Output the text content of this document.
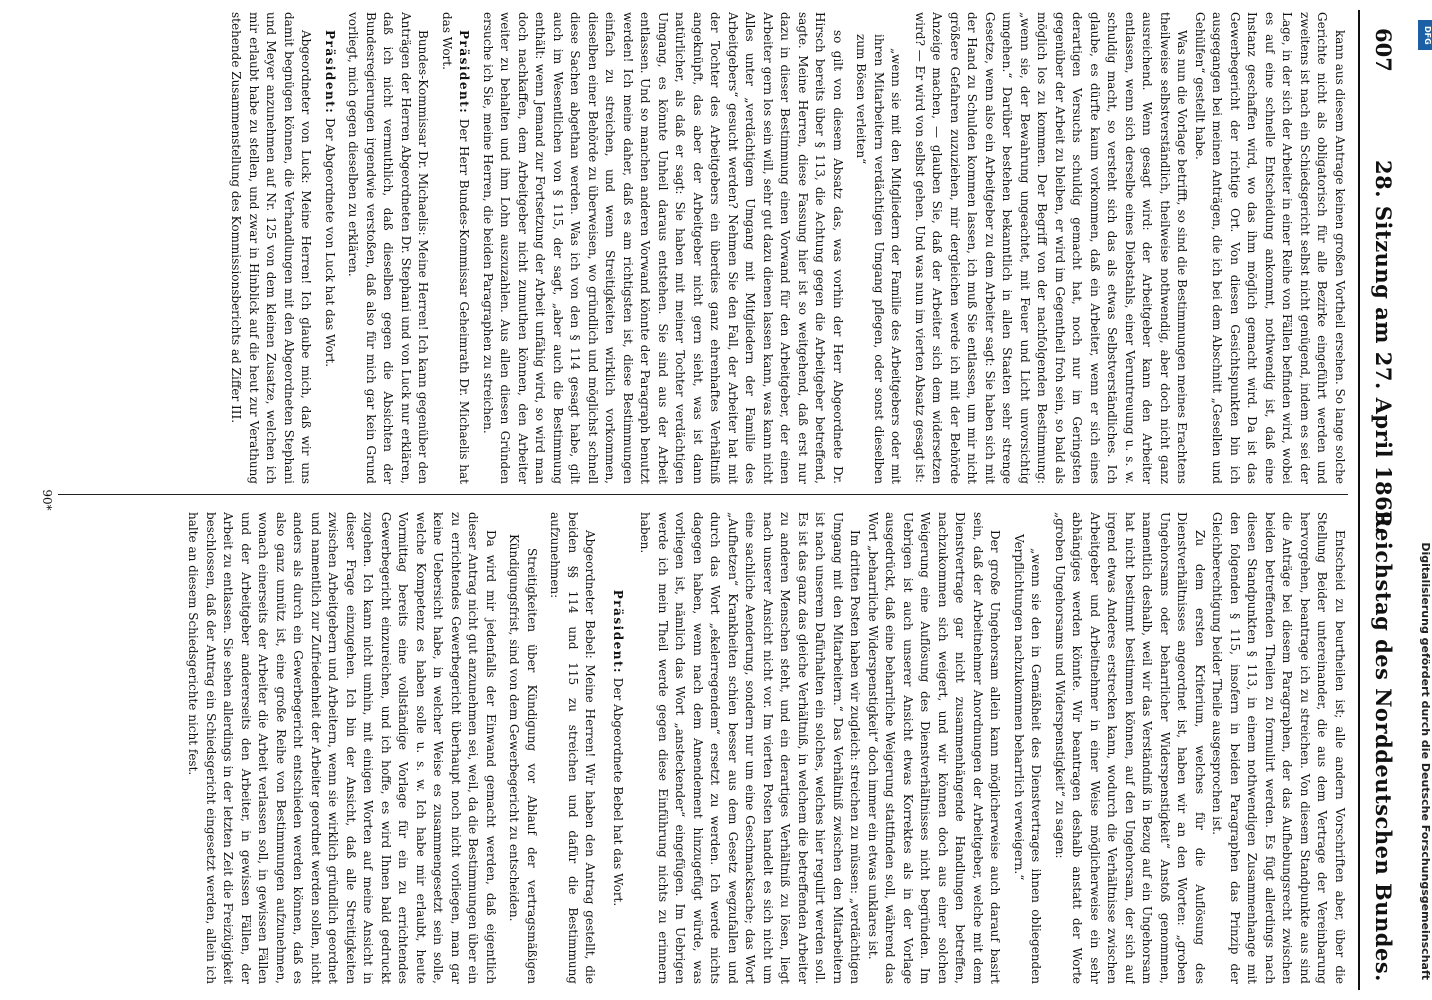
607
28. Sitzung am 27. April 1869.
Reichstag des Norddeutschen Bundes.

kann aus diesem Antrage keinen großen Vortheil ersehen. So lange solche Gerichte nicht als obligatorisch für alle Bezirke eingeführt werden und zweitens ist nach ein Schiedsgericht selbst nicht genügend, indem es sei der Lage, in der sich der Arbeiter in einer Reihe von Fällen befinden wird, wobei es auf eine schnelle Entscheidung ankommt, nothwendig ist, daß eine Instanz geschaffen wird, wo das ihm möglich gemacht wird. Da ist das Gewerbegericht der richtige Ort. Von diesen Gesichtspunkten bin ich ausgegangen bei meinen Anträgen, die ich bei dem Abschnitt „Gesellen und Gehülfen“ gestellt habe.

Was nun die Vorlage betrifft, so sind die Bestimmungen meines Erachtens theilweise selbstverständlich, theilweise nothwendig, aber doch nicht ganz ausreichend. Wenn gesagt wird: der Arbeitgeber kann den Arbeiter entlassen, wenn sich derselbe eines Diebstahls, einer Veruntreuung u. s. w. schuldig macht, so versteht sich das als etwas Selbstverständliches. Ich glaube, es dürfte kaum vorkommen, daß ein Arbeiter, wenn er sich eines derartigen Versuchs schuldig gemacht hat, noch nur im Geringsten gegenüber der Arbeit zu bleiben, er wird im Gegentheil froh sein, so bald als möglich los zu kommen. Der Begriff von der nachfolgenden Bestimmung: „wenn sie, der Bewahrung ungeachtet, mit Feuer und Licht unvorsichtig umgehen.“ Darüber bestehen bekanntlich in allen Staaten sehr strenge Gesetze, wenn also ein Arbeitgeber zu dem Arbeiter sagt: Sie haben sich mit der Hand zu Schulden kommen lassen, ich muß Sie entlassen, um mir nicht größere Gefahren zuzuziehen, mir dergleichen werde ich mit der Behörde Anzeige machen, — glauben Sie, daß der Arbeiter sich dem widersetzen wird? — Er wird von selbst gehen. Und was nun im vierten Absatz gesagt ist:

„wenn sie mit den Mitgliedern der Familie des Arbeitgebers oder mit ihren Mitarbeitern verdächtigen Umgang pflegen, oder sonst dieselben zum Bösen verleiten“

so gilt von diesem Absatz das, was vorhin der Herr Abgeordnete Dr. Hirsch bereits über § 113, die Achtung gegen die Arbeitgeber betreffend, sagte. Meine Herren, diese Fassung hier ist so weitgehend, daß erst nur dazu in dieser Bestimmung einen Vorwand für den Arbeitgeber, der einen Arbeiter gern los sein will, sehr gut dazu dienen lassen kann, was kann nicht Alles unter „verdächtigem Umgang mit Mitgliedern der Familie des Arbeitgebers“ gesucht werden? Nehmen Sie den Fall, der Arbeiter hat mit der Tochter des Arbeitgebers ein überdies ganz ehrenhaftes Verhältniß angeknüpft, das aber der Arbeitgeber nicht gern sieht, was ist dann natürlicher, als daß er sagt: Sie haben mit meiner Tochter verdächtigen Umgang, es könnte Unheil daraus entstehen. Sie sind aus der Arbeit entlassen. Und so manchen anderen Vorwand könnte der Paragraph benutzt werden! Ich meine daher, daß es am richtigsten ist, diese Bestimmungen einfach zu streichen, und wenn Streitigkeiten wirklich vorkommen, dieselben einer Behörde zu überweisen, wo gründlich und möglichst schnell diese Sachen abgethan werden. Was ich von den § 114 gesagt habe, gilt auch im Wesentlichen von § 115, der sagt, „aber auch die Bestimmung enthält: wenn Jemand zur Fortsetzung der Arbeit unfähig wird, so wird man doch nachkaffen, dem Arbeitgeber nicht zumuthen können, den Arbeiter weiter zu behalten und ihm Lohn auszuzahlen. Aus allen diesen Gründen ersuche ich Sie, meine Herren, die beiden Paragraphen zu streichen.

Präsident: Der Herr Bundes-Kommissar Geheimrath Dr. Michaelis hat das Wort.

Bundes-Kommissar Dr. Michaelis: Meine Herren! Ich kann gegenüber den Anträgen der Herren Abgeordneten Dr. Stephani und von Luck nur erklären, daß ich nicht vermuthlich, daß dieselben gegen die Absichten der Bundesregierungen irgendwie verstoßen, daß also für mich gar kein Grund vorliegt, mich gegen dieselben zu erklären.

Präsident: Der Abgeordnete von Luck hat das Wort.

Abgeordneter von Luck: Meine Herren! Ich glaube mich, daß wir uns damit begnügen können, die Verhandlungen mit den Abgeordneten Stephani und Meyer anzunehmen auf Nr. 125 von dem kleinen Zusatze, welchen ich mir erlaubt habe zu stellen, und zwar in Hinblick auf die heut zur Verathung stehende Zusammenstellung des Kommissionsberichts ad Ziffer III.

Entscheid zu beurtheilen ist; alle andern Vorschriften aber, über die Stellung Beider untereinander, die aus dem Vertrage der Vereinbarung hervorgehen, beantrage ich zu streichen. Von diesem Standpunkte aus sind die Anträge bei diesem Paragraphen, der das Aufhebungsrecht zwischen beiden betreffenden Theilen zu formulirt werden. Es fügt allerdings nach diesen Standpunkten § 113, in einem nothwendigen Zusammenhange mit den folgenden § 115, insofern in beiden Paragraphen das Prinzip der Gleichberechtigung beider Theile ausgesprochen ist.

Zu dem ersten Kriterium, welches für die Auflösung des Dienstverhältnisses angeordnet ist, haben wir an den Worten: „groben Ungehorsams oder beharrlicher Widerspenstigkeit“ Anstoß genommen, namentlich deshalb, weil wir das Verständniß in Bezug auf ein Ungehorsam hat nicht bestimmt bestimmen können, auf den Ungehorsam, der sich auf irgend etwas Anderes erstrecken kann, wodurch die Verhältnisse zwischen Arbeitgeber und Arbeitnehmer in einer Weise möglicherweise ein sehr abhängiges werden könnte. Wir beantragen deshalb anstatt der Worte „groben Ungehorsams und Widerspenstigkeit“ zu sagen:

„wenn sie den in Gemäßheit des Dienstvertrages ihnen obliegenden Verpflichtungen nachzukommen beharrlich verweigern.“

Der große Ungehorsam allein kann möglicherweise auch darauf basirt sein, daß der Arbeitnehmer Anordnungen der Arbeitgeber, welche mit dem Dienstvertrage gar nicht zusammenhängende Handlungen betreffen, nachzukommen sich weigert, und wir können doch aus einer solchen Weigerung eine Auflösung des Dienstverhältnisses nicht begründen. Im Uebrigen ist auch unserer Ansicht etwas Korrektes als in der Vorlage ausgedrückt, daß eine beharrliche Weigerung stattfinden soll, während das Wort „beharrliche Widerspenstigkeit“ doch immer ein etwas unklares ist.

Im dritten Posten haben wir zugleich: streichen zu müssen: „verdächtigen Umgang mit den Mitarbeitern.“ Das Verhältniß zwischen den Mitarbeitern ist nach unserem Dafürhalten ein solches, welches hier regulirt werden soll. Es ist das ganz das gleiche Verhältniß, in welchem die betreffenden Arbeiter zu anderen Menschen steht, und ein derartiges Verhältniß zu lösen, liegt nach unserer Ansicht nicht vor. Im vierten Posten handelt es sich nicht um eine sachliche Aenderung, sondern nur um eine Geschmacksache; das Wort „Aufhetzen“ Krankheiten schien besser aus dem Gesetz wegzufallen und durch das Wort „ekelerregendem“ ersetzt zu werden. Ich werde nichts dagegen haben, wenn nach dem Amendement hinzugefügt würde, was vorliegen ist, nämlich das Wort „ansteckender“ eingefügen. Im Uebrigen werde ich mein Theil werde gegen diese Einführung nichts zu erinnern haben.

Präsident: Der Abgeordnete Bebel hat das Wort.

Abgeordneter Bebel: Meine Herren! Wir haben den Antrag gestellt, die beiden §§ 114 und 115 zu streichen und dafür die Bestimmung aufzunehmen:

Streitigkeiten über Kündigung vor Ablauf der vertragsmäßigen Kündigungsfrist, sind von dem Gewerbegericht zu entscheiden.

Da wird mir jedenfalls der Einwand gemacht werden, daß eigentlich dieser Antrag nicht gut anzunehmen sei, weil, da die Bestimmungen über ein zu errichtendes Gewerbegericht überhaupt noch nicht vorliegen, man gar keine Uebersicht habe, in welcher Weise es zusammengesetzt sein solle, welche Kompetenz es haben solle u. s. w. Ich habe mir erlaubt, heute Vormittag bereits eine vollständige Vorlage für ein zu errichtendes Gewerbegericht einzureichen, und ich hoffe, es wird Ihnen bald gedruckt zugehen. Ich kann nicht umhin, mit einigen Worten auf meine Ansicht in dieser Frage einzugehen. Ich bin der Ansicht, daß alle Streitigkeiten zwischen Arbeitgebern und Arbeitern, wenn sie wirklich gründlich geordnet und namentlich zur Zufriedenheit der Arbeiter geordnet werden sollen, nicht anders als durch ein Gewerbegericht entschieden werden können, daß es also ganz unnütz ist, eine große Reihe von Bestimmungen aufzunehmen, wonach einerseits der Arbeiter die Arbeit verlassen soll, in gewissen Fällen und der Arbeitgeber andererseits den Arbeiter, in gewissen Fällen, der Arbeit zu entlassen. Sie sehen allerdings in der letzten Zeit die Freizügigkeit beschlossen, daß der Antrag ein Schiedsgericht eingesetzt werden, allein ich halte an diesem Schiedsgerichte nicht fest.

90*
Digitalisierung gefördert durch die Deutsche Forschungsgemeinschaft
DFG
